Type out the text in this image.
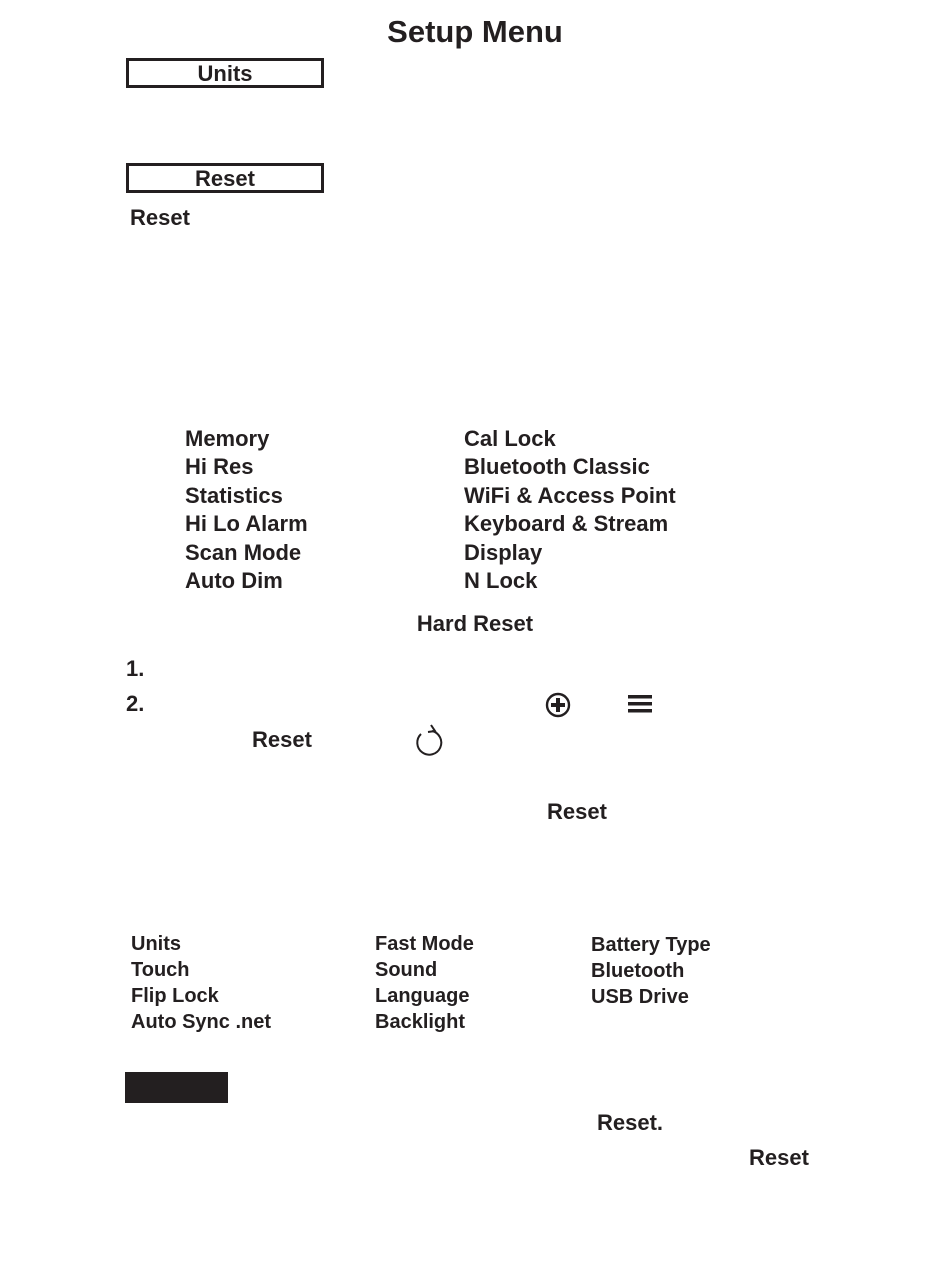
Setup Menu
Units
Reset
Reset
Memory
Hi Res
Statistics
Hi Lo Alarm
Scan Mode
Auto Dim
Cal Lock
Bluetooth Classic
WiFi & Access Point
Keyboard & Stream
Display
N Lock
Hard Reset
1.
2.
Reset
Reset
Units
Touch
Flip Lock
Auto Sync .net
Fast Mode
Sound
Language
Backlight
Battery Type
Bluetooth
USB Drive
Reset.
Reset
